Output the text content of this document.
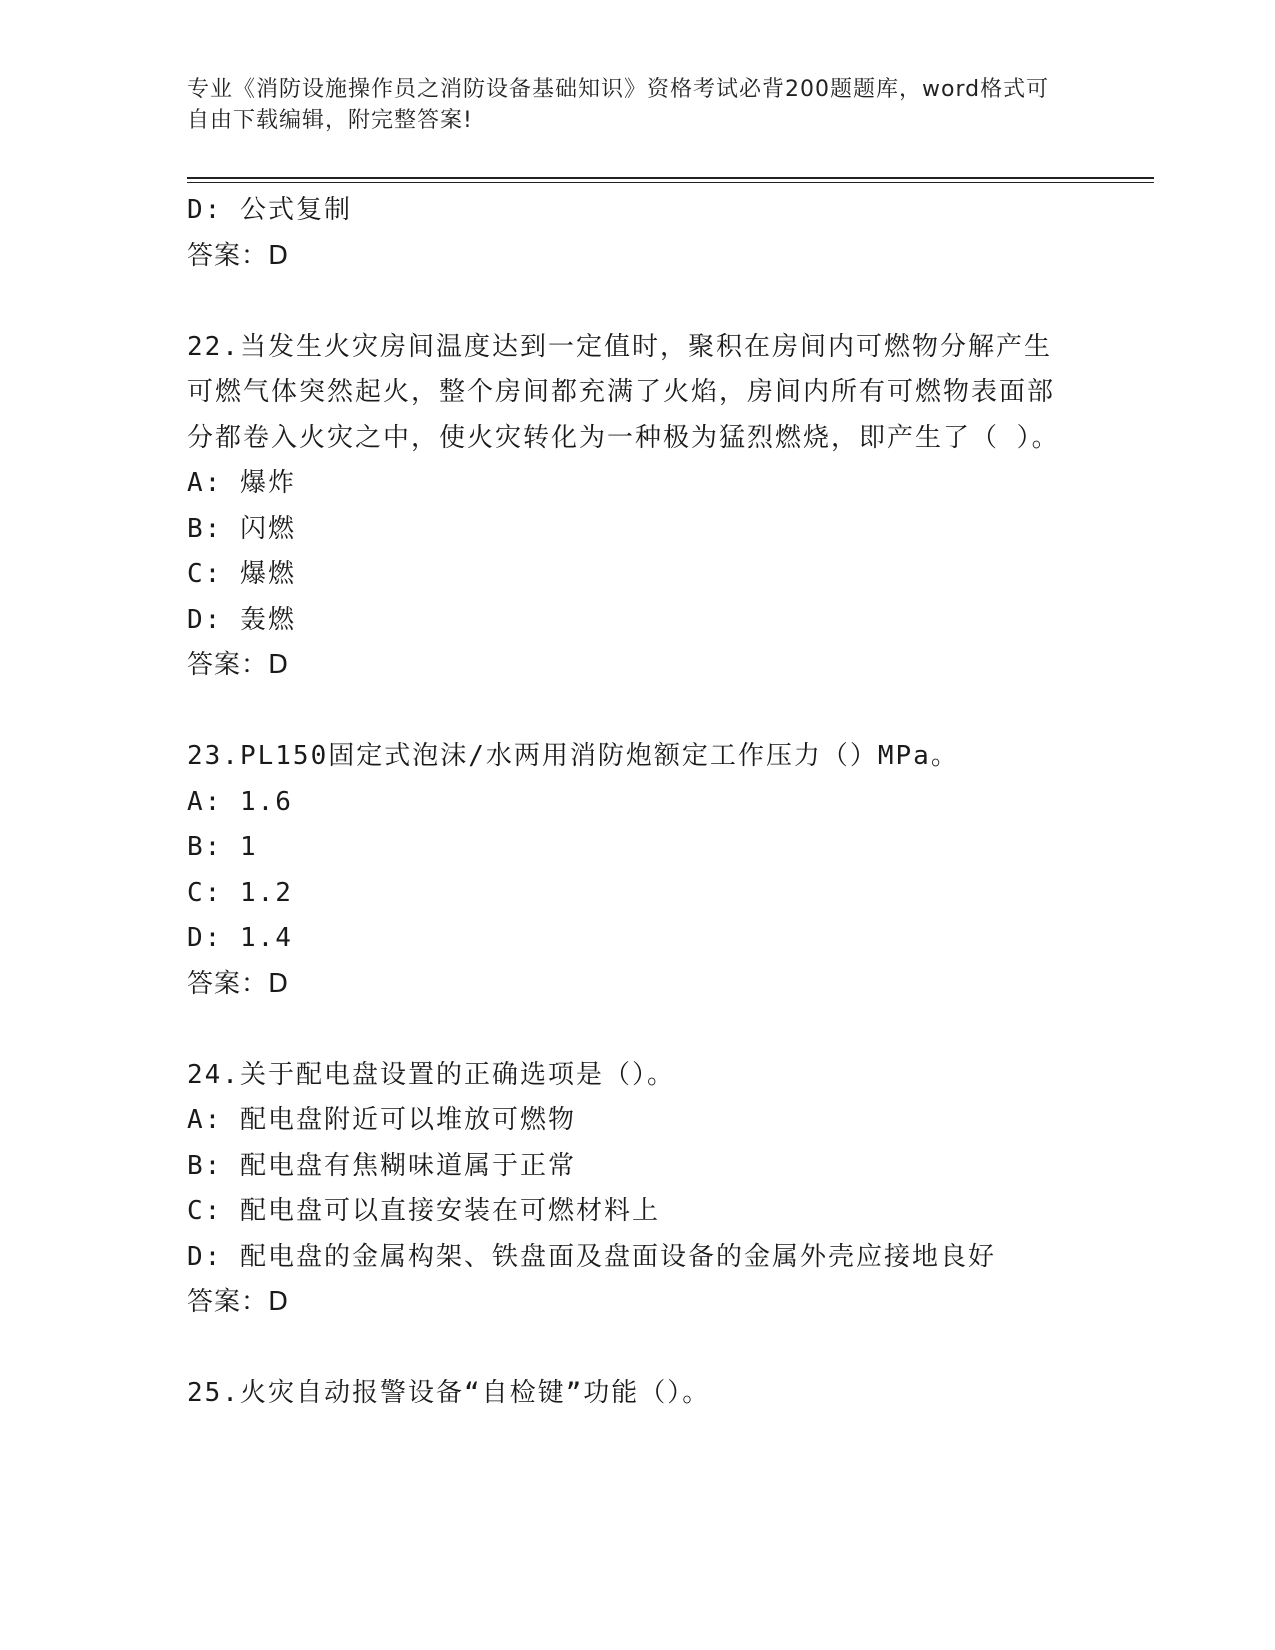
专业《消防设施操作员之消防设备基础知识》资格考试必背200题题库，word格式可自由下载编辑，附完整答案!
D: 公式复制
答案：D
22.当发生火灾房间温度达到一定值时，聚积在房间内可燃物分解产生可燃气体突然起火，整个房间都充满了火焰，房间内所有可燃物表面部分都卷入火灾之中，使火灾转化为一种极为猛烈燃烧，即产生了（ ）。
A: 爆炸
B: 闪燃
C: 爆燃
D: 轰燃
答案：D
23.PL150固定式泡沫/水两用消防炮额定工作压力（）MPa。
A: 1.6
B: 1
C: 1.2
D: 1.4
答案：D
24.关于配电盘设置的正确选项是（）。
A: 配电盘附近可以堆放可燃物
B: 配电盘有焦糊味道属于正常
C: 配电盘可以直接安装在可燃材料上
D: 配电盘的金属构架、铁盘面及盘面设备的金属外壳应接地良好
答案：D
25.火灾自动报警设备“自检键”功能（）。
